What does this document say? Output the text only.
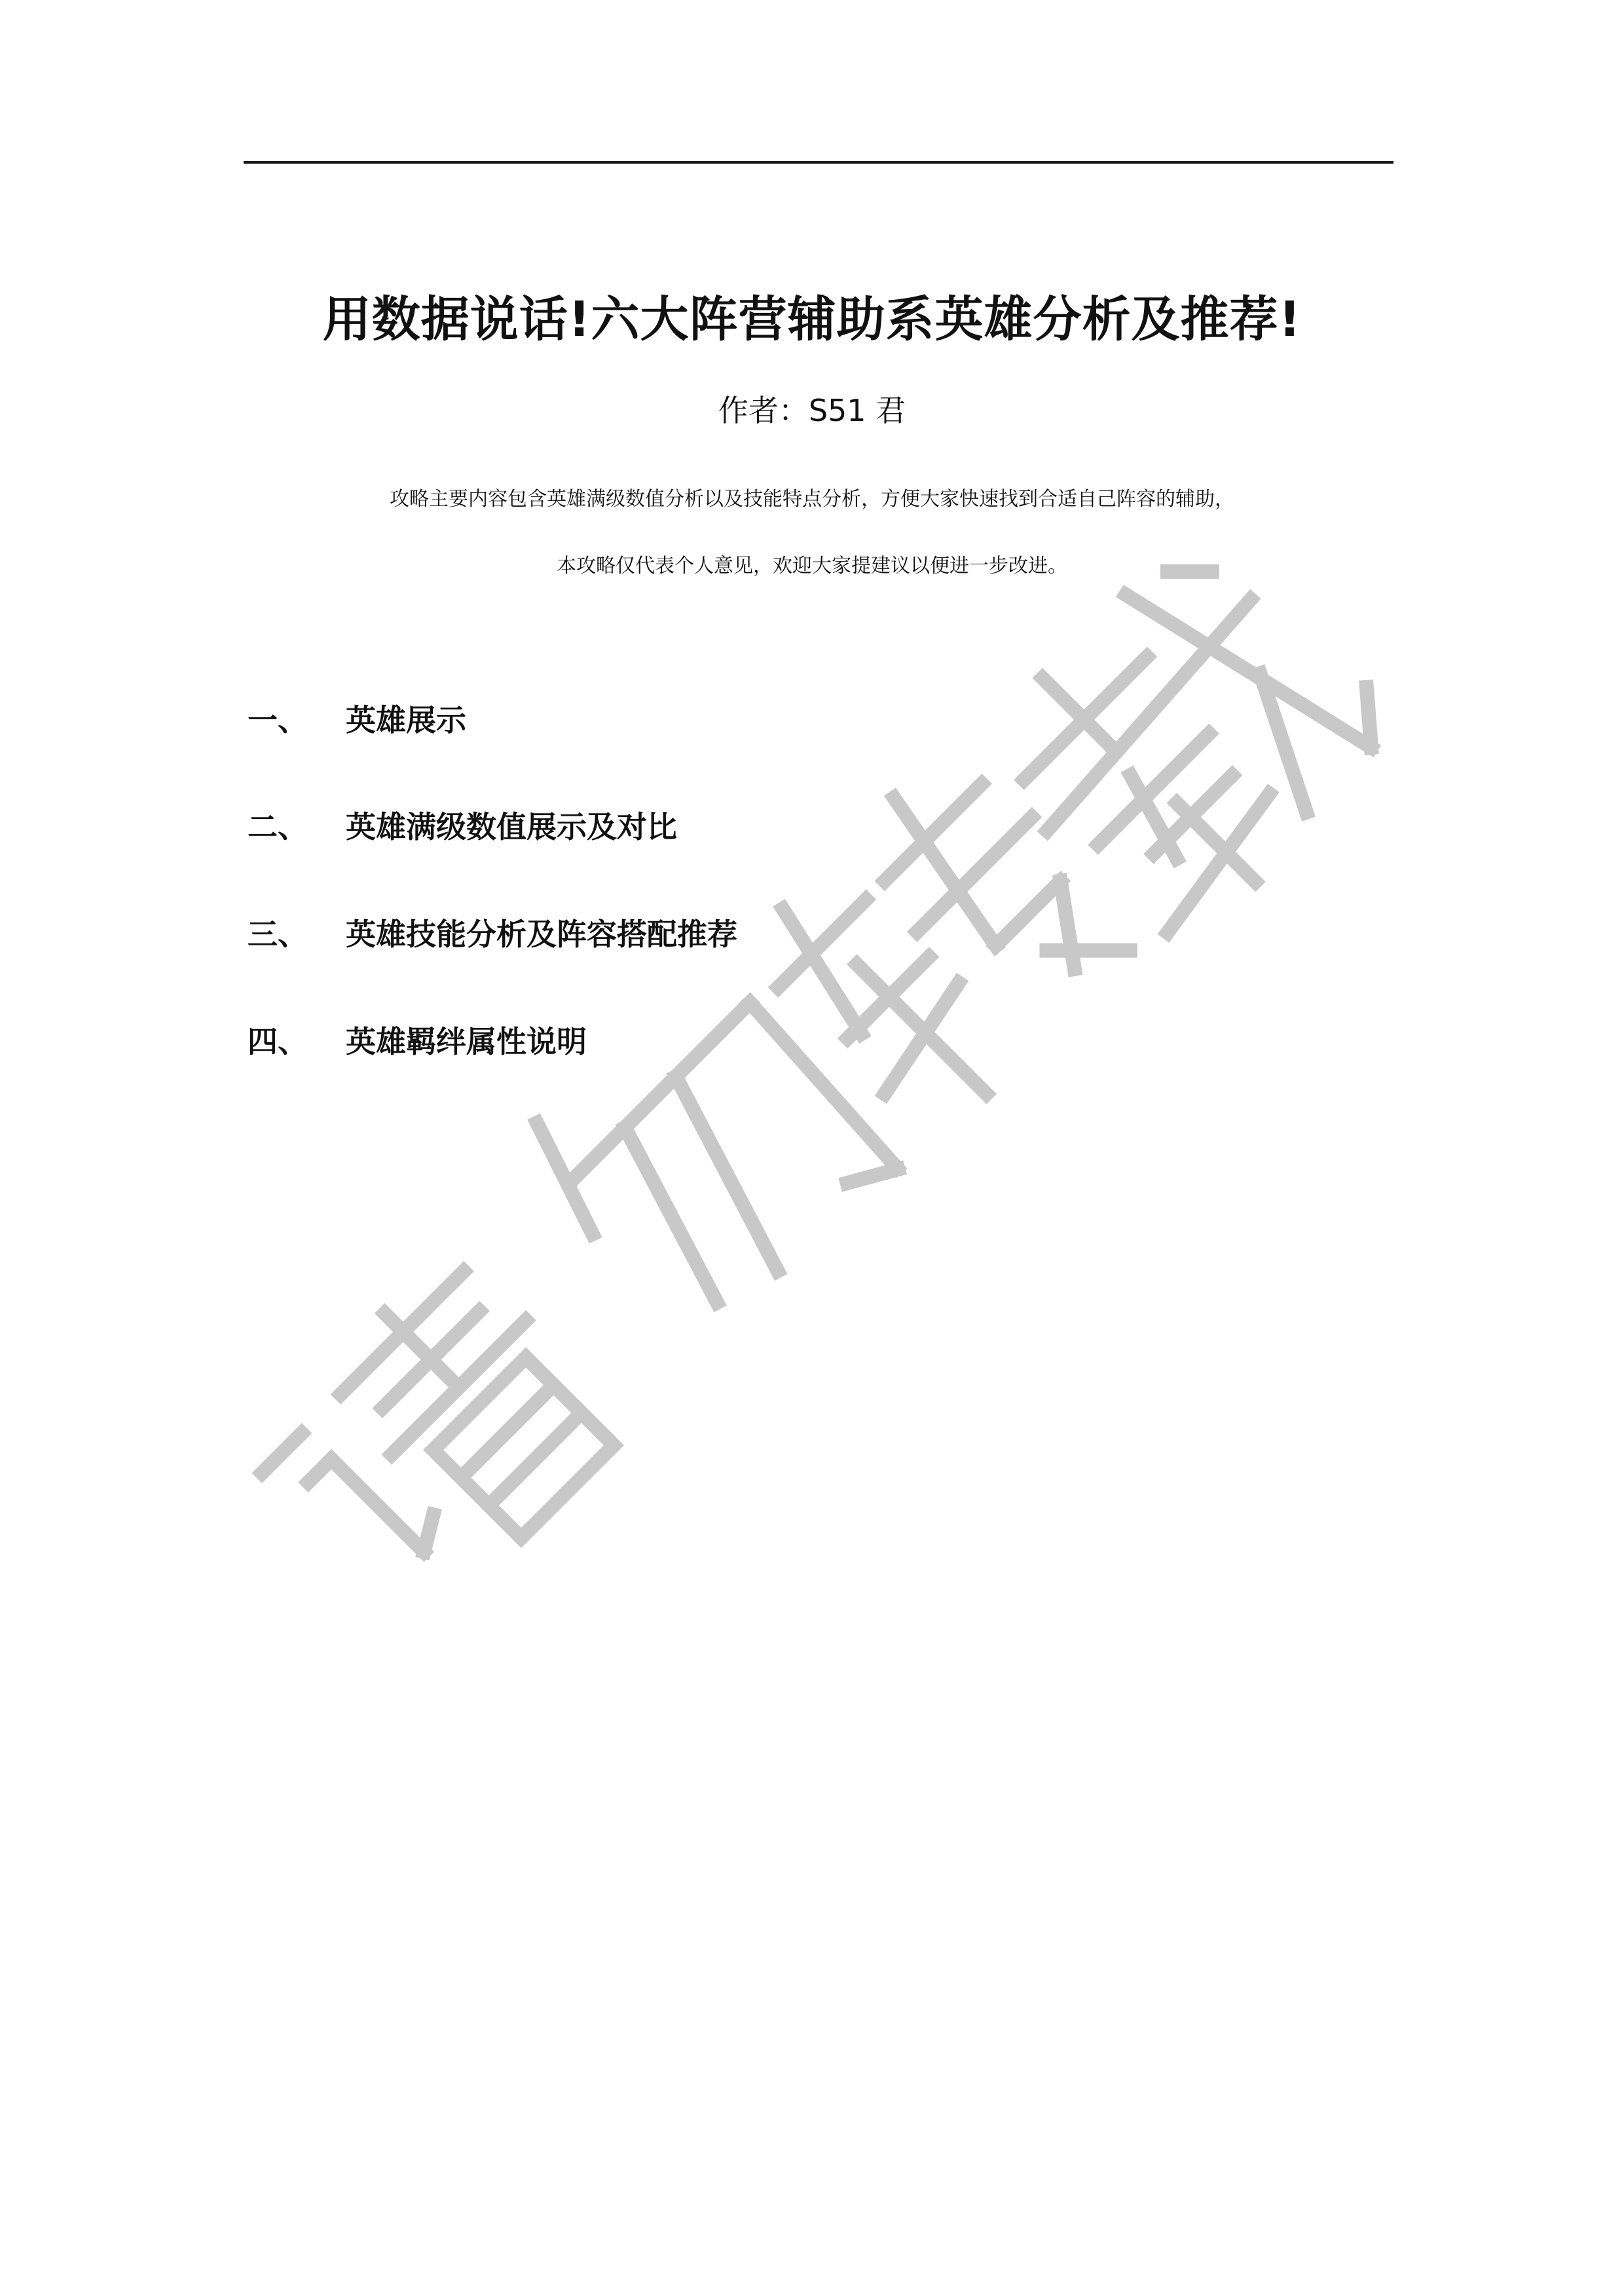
用数据说话!六大阵营辅助系英雄分析及推荐!
作者：S51 君
攻略主要内容包含英雄满级数值分析以及技能特点分析，方便大家快速找到合适自己阵容的辅助，
本攻略仅代表个人意见，欢迎大家提建议以便进一步改进。
一、 英雄展示
二、 英雄满级数值展示及对比
三、 英雄技能分析及阵容搭配推荐
四、 英雄羁绊属性说明
